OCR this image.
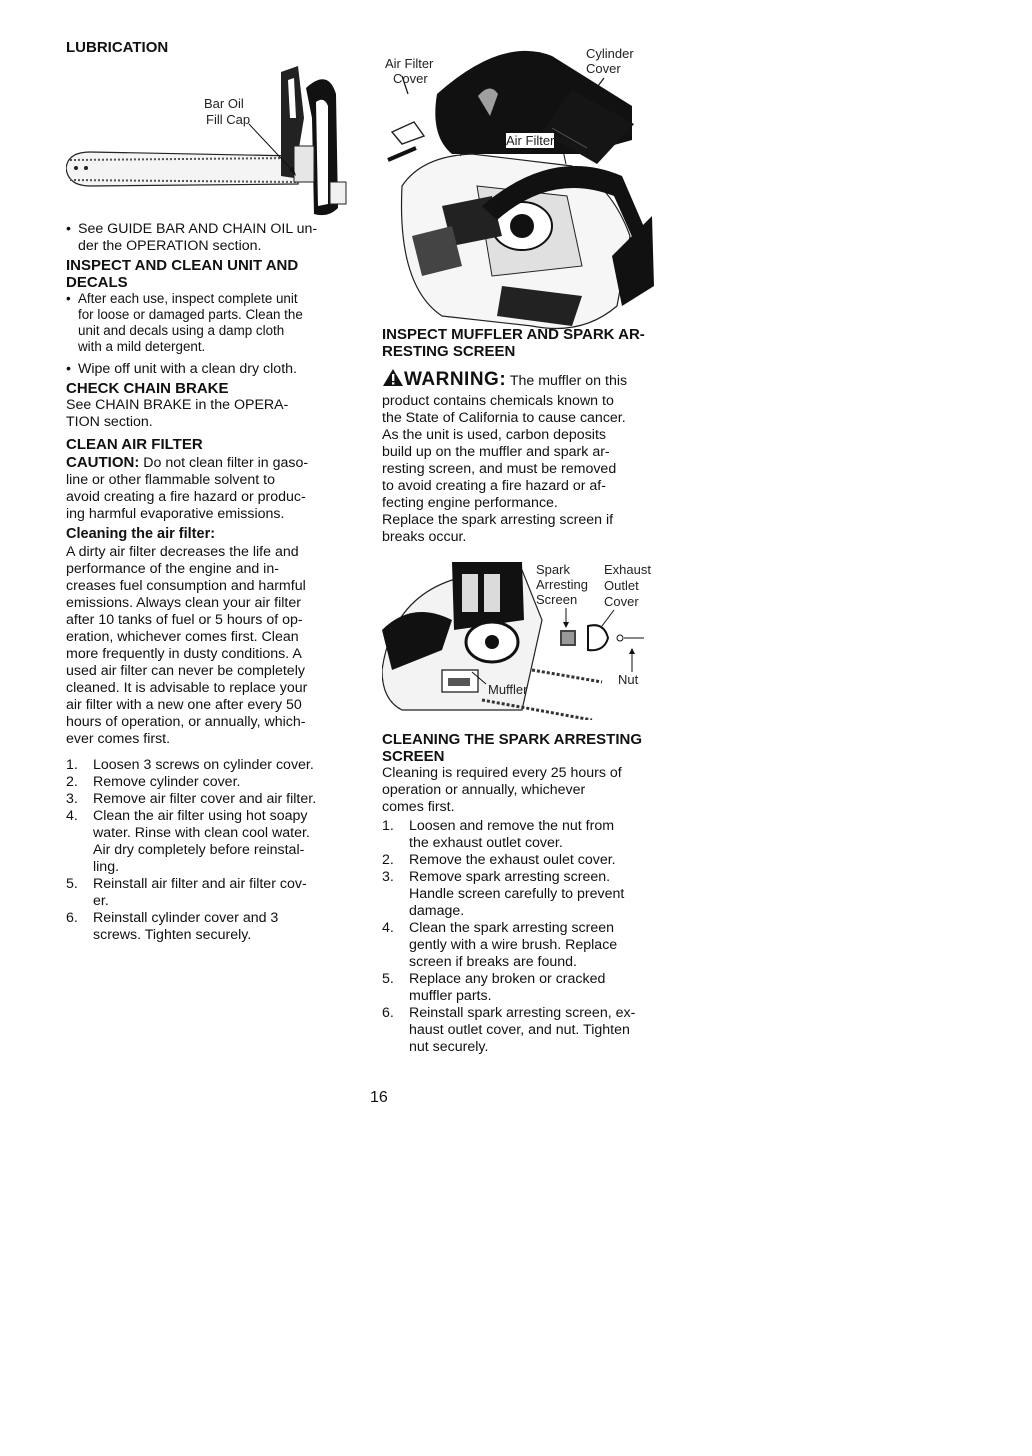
LUBRICATION
Bar Oil
Fill Cap
• See GUIDE BAR AND CHAIN OIL un-
der the OPERATION section.
INSPECT AND CLEAN UNIT AND
DECALS
• After each use, inspect complete unit
for loose or damaged parts. Clean the
unit and decals using a damp cloth
with a mild detergent.
• Wipe off unit with a clean dry cloth.
CHECK CHAIN BRAKE
See CHAIN BRAKE in the OPERA-
TION section.
CLEAN AIR FILTER
CAUTION: Do not clean filter in gaso-
line or other flammable solvent to
avoid creating a fire hazard or produc-
ing harmful evaporative emissions.
Cleaning the air filter:
A dirty air filter decreases the life and
performance of the engine and in-
creases fuel consumption and harmful
emissions. Always clean your air filter
after 10 tanks of fuel or 5 hours of op-
eration, whichever comes first. Clean
more frequently in dusty conditions. A
used air filter can never be completely
cleaned. It is advisable to replace your
air filter with a new one after every 50
hours of operation, or annually, which-
ever comes first.
1. Loosen 3 screws on cylinder cover.
2. Remove cylinder cover.
3. Remove air filter cover and air filter.
4. Clean the air filter using hot soapy
water. Rinse with clean cool water.
Air dry completely before reinstal-
ling.
5. Reinstall air filter and air filter cov-
er.
6. Reinstall cylinder cover and 3
screws. Tighten securely.
Air Filter
Cover
Cylinder
Cover
Air Filter
INSPECT MUFFLER AND SPARK AR-
RESTING SCREEN
WARNING: The muffler on this
product contains chemicals known to
the State of California to cause cancer.
As the unit is used, carbon deposits
build up on the muffler and spark ar-
resting screen, and must be removed
to avoid creating a fire hazard or af-
fecting engine performance.
Replace the spark arresting screen if
breaks occur.
Spark
Arresting
Screen
Exhaust
Outlet
Cover
Nut
Muffler
CLEANING THE SPARK ARRESTING
SCREEN
Cleaning is required every 25 hours of
operation or annually, whichever
comes first.
1. Loosen and remove the nut from
the exhaust outlet cover.
2. Remove the exhaust oulet cover.
3. Remove spark arresting screen.
Handle screen carefully to prevent
damage.
4. Clean the spark arresting screen
gently with a wire brush. Replace
screen if breaks are found.
5. Replace any broken or cracked
muffler parts.
6. Reinstall spark arresting screen, ex-
haust outlet cover, and nut. Tighten
nut securely.
16
